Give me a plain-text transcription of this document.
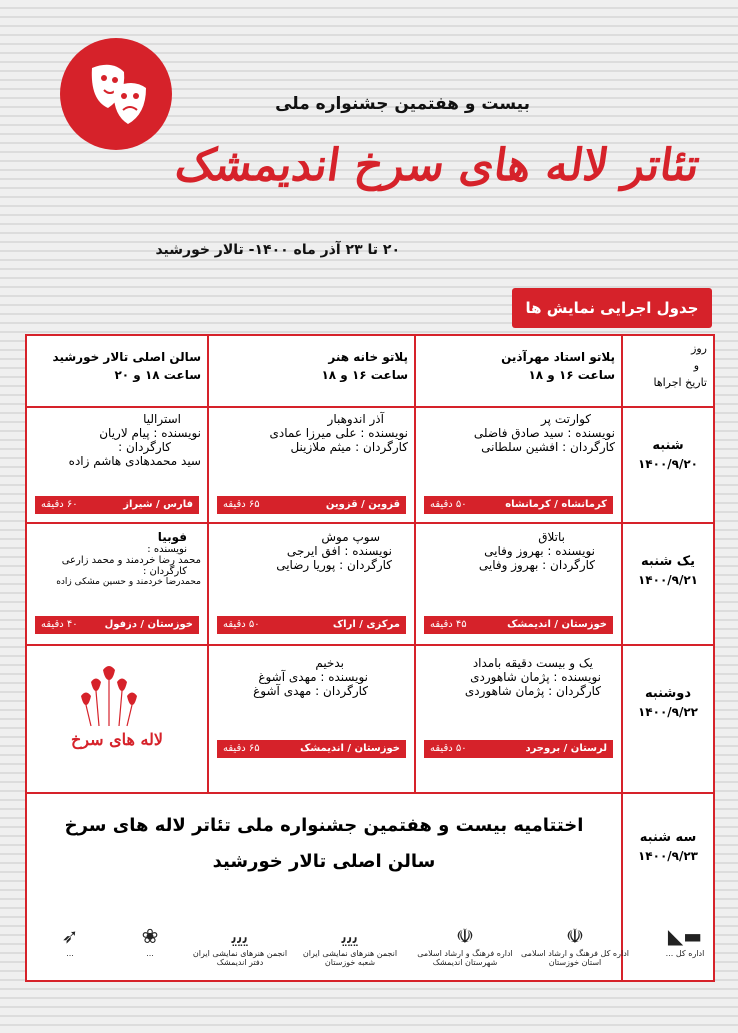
بیست و هفتمین جشنواره ملی
تئاتر لاله های سرخ اندیمشک
۲۰ تا ۲۳ آذر ماه ۱۴۰۰- تالار خورشید
جدول اجرایی نمایش ها
روز
و
تاریخ اجراها
پلاتو استاد مهرآذین
ساعت ۱۶ و ۱۸
پلاتو خانه هنر
ساعت ۱۶ و ۱۸
سالن اصلی تالار خورشید
ساعت ۱۸ و ۲۰
شنبه
۱۴۰۰/۹/۲۰
یک شنبه
۱۴۰۰/۹/۲۱
دوشنبه
۱۴۰۰/۹/۲۲
سه شنبه
۱۴۰۰/۹/۲۳
کوارتت پر
نویسنده : سید صادق فاضلی
کارگردان : افشین سلطانی
کرمانشاه / کرمانشاه
۵۰ دقیقه
آذر اندوهبار
نویسنده : علی میرزا عمادی
کارگردان : میثم ملازینل
قزوین / قزوین
۶۵ دقیقه
استرالیا
نویسنده : پیام لاریان
کارگردان :
سید محمدهادی هاشم زاده
فارس / شیراز
۶۰ دقیقه
باتلاق
نویسنده : بهروز وفایی
کارگردان : بهروز وفایی
خوزستان / اندیمشک
۴۵ دقیقه
سوپ موش
نویسنده : افق ایرجی
کارگردان : پوریا رضایی
مرکزی / اراک
۵۰ دقیقه
فوبیا
نویسنده :
محمد رضا خردمند و محمد زارعی
کارگردان :
محمدرضا خردمند و حسین مشکی زاده
خوزستان / دزفول
۴۰ دقیقه
یک و بیست دقیقه بامداد
نویسنده : پژمان شاهوردی
کارگردان : پژمان شاهوردی
لرستان / بروجرد
۵۰ دقیقه
بدخیم
نویسنده : مهدی آشوغ
کارگردان : مهدی آشوغ
خوزستان / اندیمشک
۶۵ دقیقه
لاله های سرخ
اختتامیه بیست و هفتمین جشنواره ملی تئاتر لاله های سرخ
سالن اصلی تالار خورشید
▬◣
اداره کل ...
☫
اداره کل فرهنگ و ارشاد اسلامی استان خوزستان
☫
اداره فرهنگ و ارشاد اسلامی شهرستان اندیمشک
ﯾﯾﯾ
انجمن هنرهای نمایشی ایران شعبه خوزستان
ﯾﯾﯾ
انجمن هنرهای نمایشی ایران دفتر اندیمشک
❀
...
➶
...
